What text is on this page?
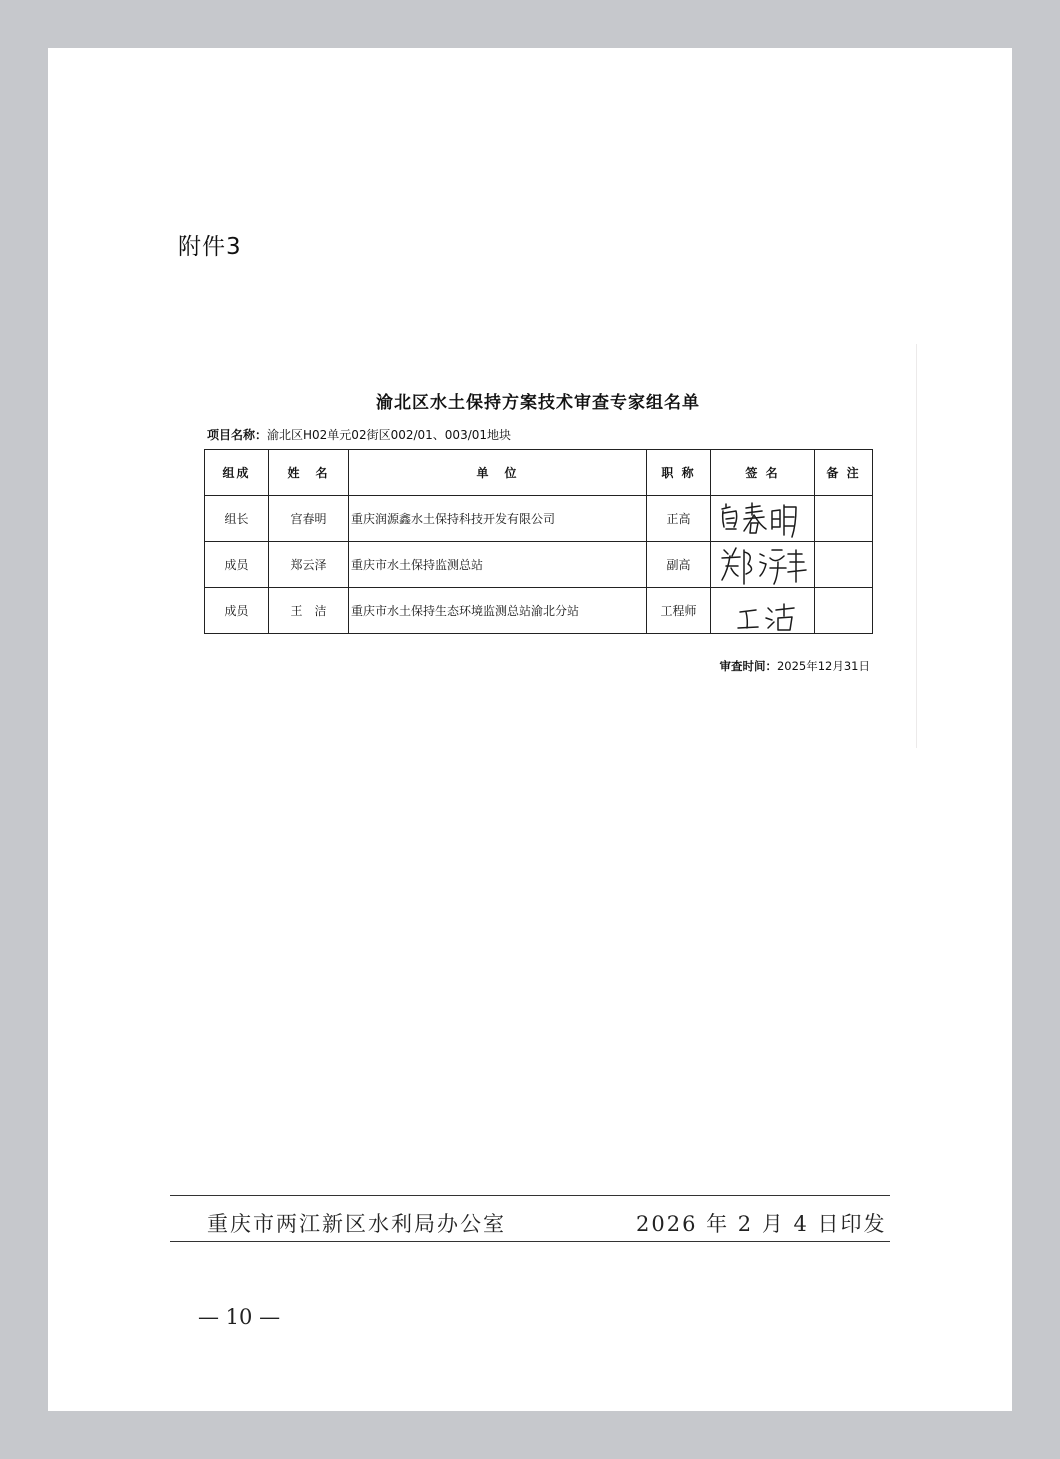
附件3
渝北区水土保持方案技术审查专家组名单
项目名称：渝北区H02单元02街区002/01、003/01地块
组成	姓　名	单　位	职 称	签 名	备 注
组长	宫春明	重庆润源鑫水土保持科技开发有限公司	正高	

成员	郑云泽	重庆市水土保持监测总站	副高	

成员	王　洁	重庆市水土保持生态环境监测总站渝北分站	工程师	

审查时间：2025年12月31日
重庆市两江新区水利局办公室	2026 年 2 月 4 日印发
— 10 —
